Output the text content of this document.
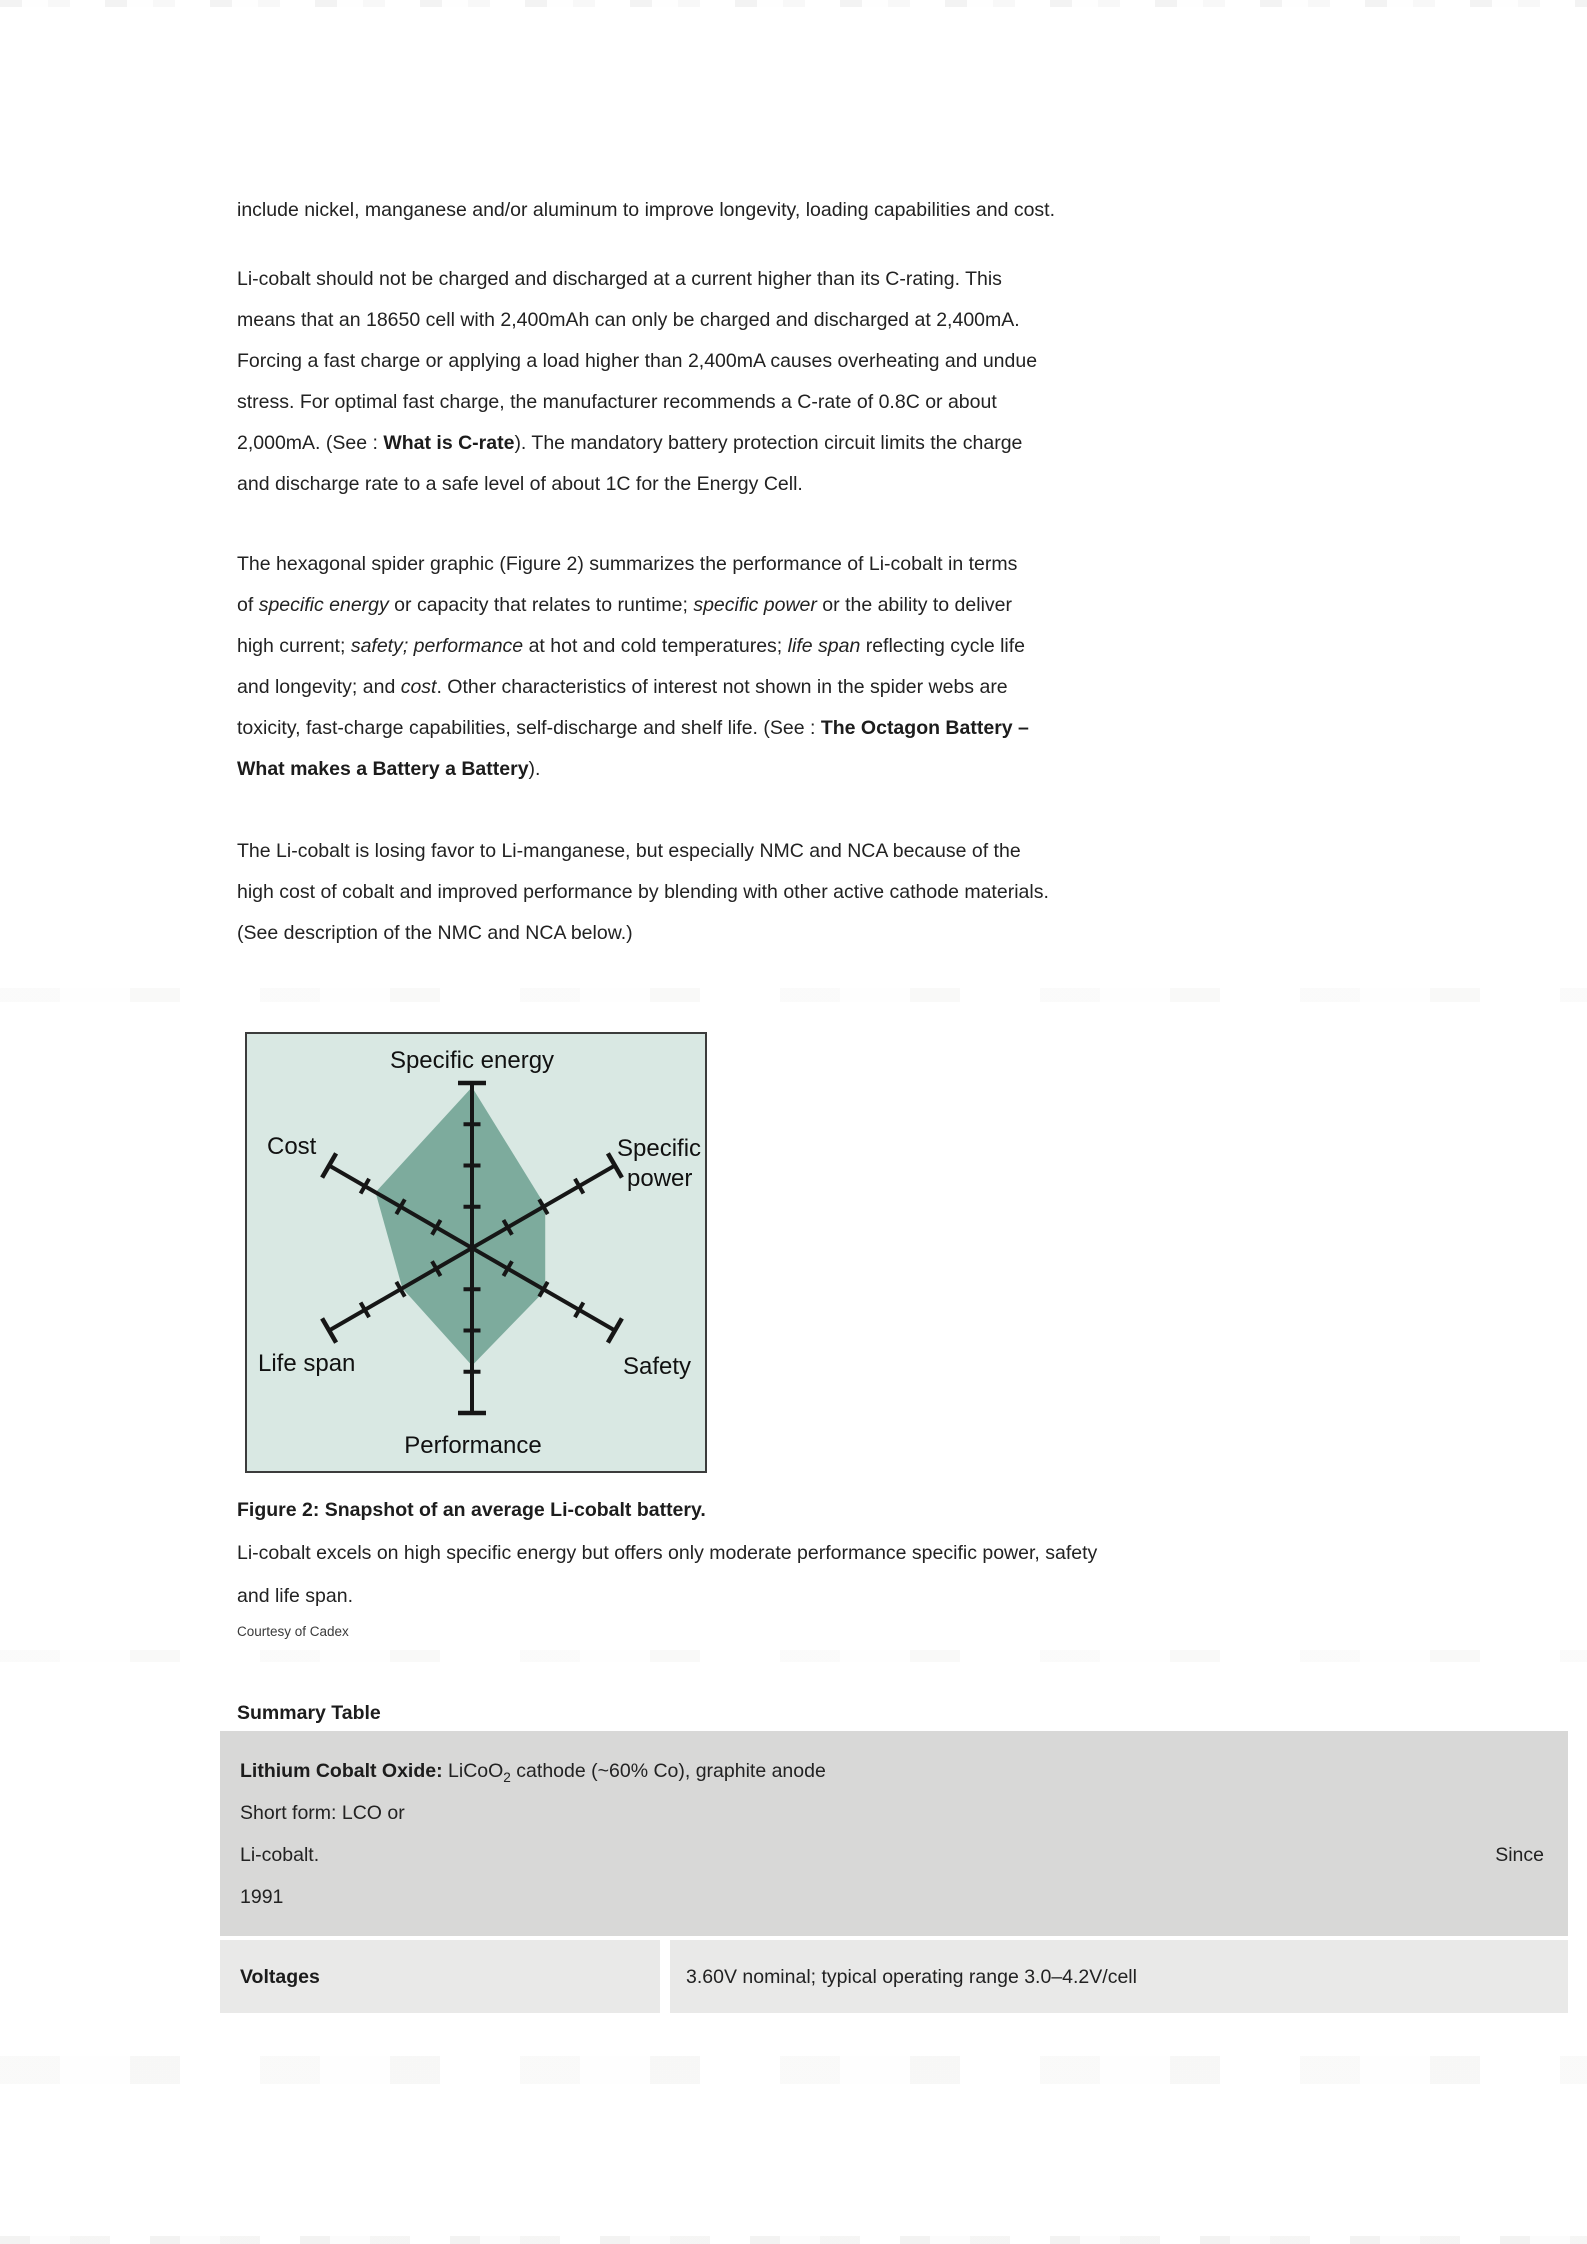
include nickel, manganese and/or aluminum to improve longevity, loading capabilities and cost.
Li-cobalt should not be charged and discharged at a current higher than its C-rating. This
means that an 18650 cell with 2,400mAh can only be charged and discharged at 2,400mA.
Forcing a fast charge or applying a load higher than 2,400mA causes overheating and undue
stress. For optimal fast charge, the manufacturer recommends a C-rate of 0.8C or about
2,000mA. (See : What is C-rate). The mandatory battery protection circuit limits the charge
and discharge rate to a safe level of about 1C for the Energy Cell.
The hexagonal spider graphic (Figure 2) summarizes the performance of Li-cobalt in terms
of specific energy or capacity that relates to runtime; specific power or the ability to deliver
high current; safety; performance at hot and cold temperatures; life span reflecting cycle life
and longevity; and cost. Other characteristics of interest not shown in the spider webs are
toxicity, fast-charge capabilities, self-discharge and shelf life. (See : The Octagon Battery –
What makes a Battery a Battery).
The Li-cobalt is losing favor to Li-manganese, but especially NMC and NCA because of the
high cost of cobalt and improved performance by blending with other active cathode materials.
(See description of the NMC and NCA below.)
Specific energy
Specific power
Safety
Performance
Life span
Cost
Figure 2: Snapshot of an average Li-cobalt battery.
Li-cobalt excels on high specific energy but offers only moderate performance specific power, safety
and life span.
Courtesy of Cadex
Summary Table
Lithium Cobalt Oxide: LiCoO$_2$ cathode (~60% Co), graphite anode
Short form: LCO or
Li-cobalt.	Since
1991
Voltages	3.60V nominal; typical operating range 3.0–4.2V/cell
